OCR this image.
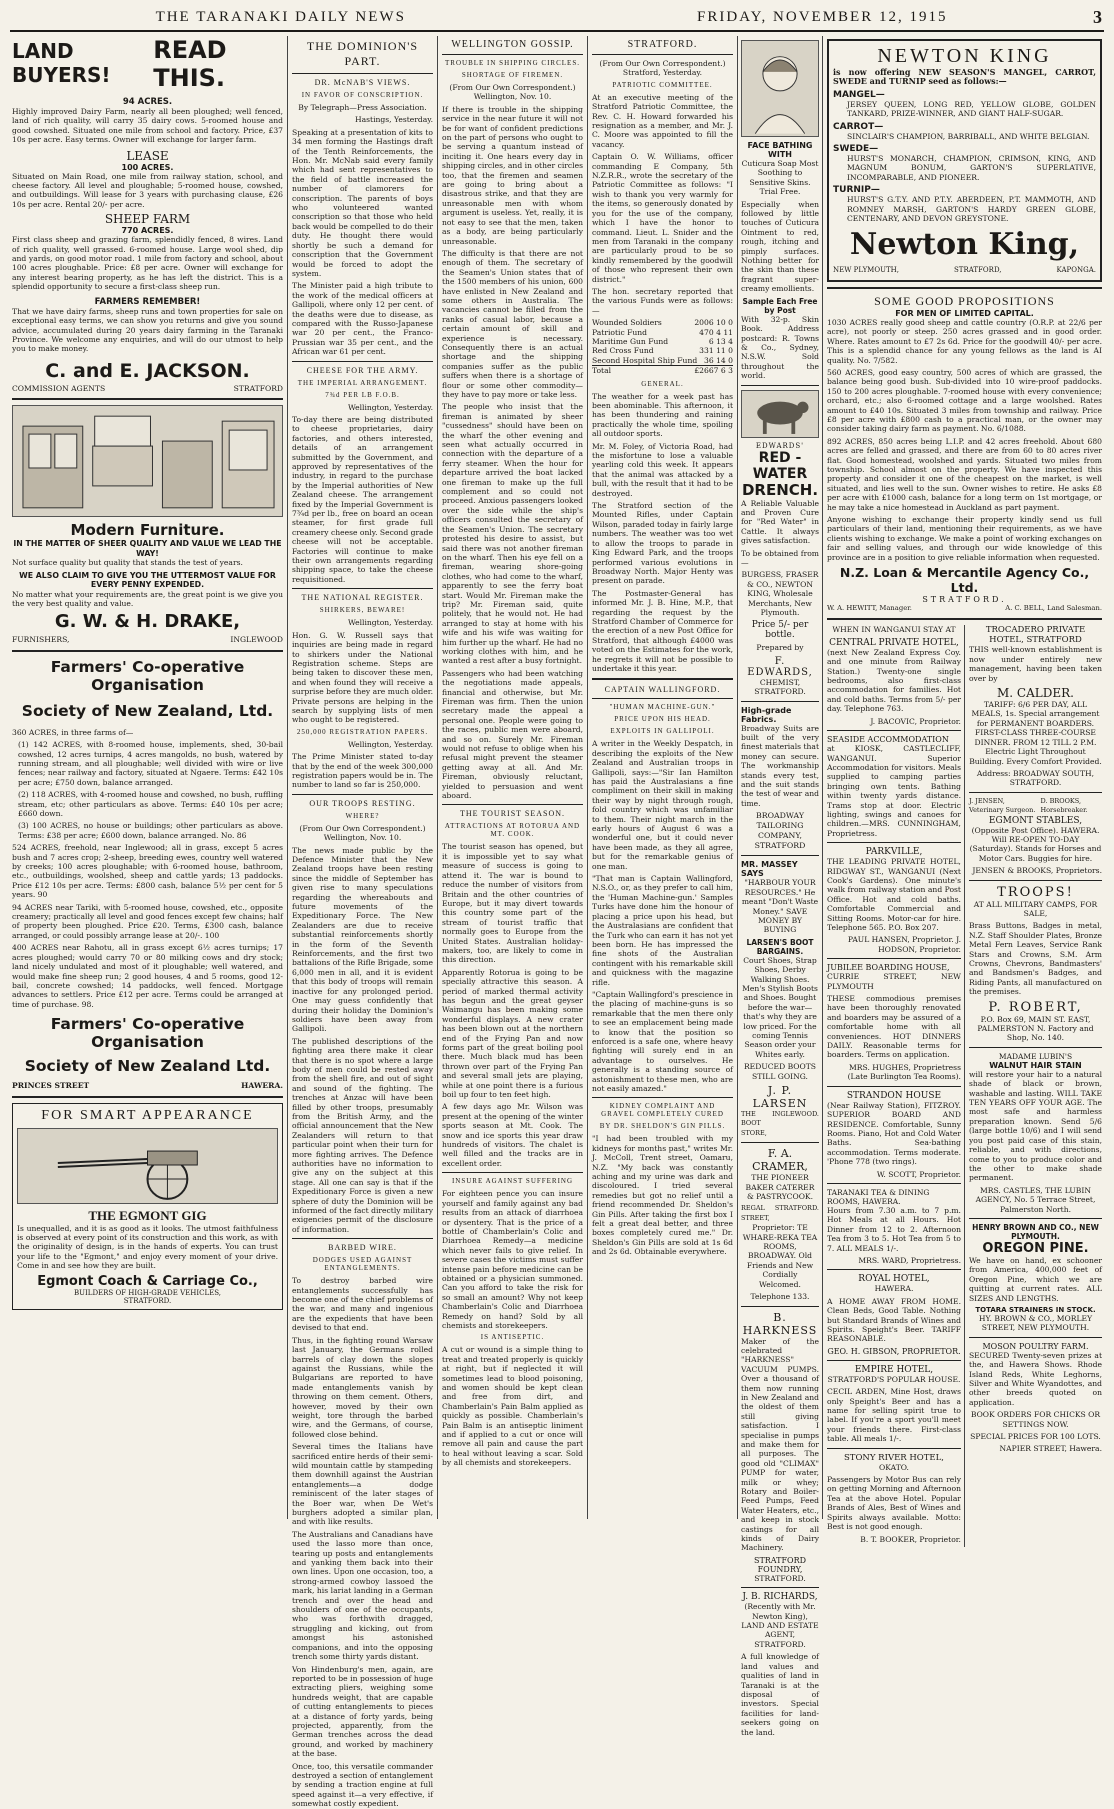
THE TARANAKI DAILY NEWS	FRIDAY, NOVEMBER 12, 1915	3
LAND BUYERS!
READ THIS.
94 ACRES.

Highly improved Dairy Farm, nearly all been ploughed; well fenced, land of rich quality, will carry 35 dairy cows. 5-roomed house and good cowshed. Situated one mile from school and factory. Price, £37 10s per acre. Easy terms. Owner will exchange for larger farm.

LEASE
100 ACRES.

Situated on Main Road, one mile from railway station, school, and cheese factory. All level and ploughable; 5-roomed house, cowshed, and outbuildings. Will lease for 3 years with purchasing clause, £26 10s per acre. Rental 20/- per acre.

SHEEP FARM
770 ACRES.

First class sheep and grazing farm, splendidly fenced, 8 wires. Land of rich quality, well grassed. 6-roomed house. Large wool shed, dip and yards, on good motor road. 1 mile from factory and school, about 100 acres ploughable. Price: £8 per acre. Owner will exchange for any interest bearing property, as he has left the district. This is a splendid opportunity to secure a first-class sheep run.

FARMERS REMEMBER!

That we have dairy farms, sheep runs and town properties for sale on exceptional easy terms, we can show you returns and give you sound advice, accumulated during 20 years dairy farming in the Taranaki Province. We welcome any enquiries, and will do our utmost to help you to make money.

C. and E. JACKSON.
COMMISSION AGENTS	STRATFORD
Modern Furniture.
IN THE MATTER OF SHEER QUALITY AND VALUE WE LEAD THE WAY!

Not surface quality but quality that stands the test of years.

WE ALSO CLAIM TO GIVE YOU THE UTTERMOST VALUE FOR EVERY PENNY EXPENDED.

No matter what your requirements are, the great point is we give you the very best quality and value.

G. W. & H. DRAKE,
FURNISHERS,	INGLEWOOD
Farmers' Co-operative Organisation
Society of New Zealand, Ltd.

360 ACRES, in three farms of—

(1) 142 ACRES, with 8-roomed house, implements, shed, 30-bail cowshed, 12 acres turnips, 4 acres mangolds, no bush, watered by running stream, and all ploughable; well divided with wire or live fences; near railway and factory, situated at Ngaere. Terms: £42 10s per acre; £750 down, balance arranged.

(2) 118 ACRES, with 4-roomed house and cowshed, no bush, ruffling stream, etc; other particulars as above. Terms: £40 10s per acre; £660 down.

(3) 100 ACRES, no house or buildings; other particulars as above. Terms: £38 per acre; £600 down, balance arranged. No. 86

524 ACRES, freehold, near Inglewood; all in grass, except 5 acres bush and 7 acres crop; 2-sheep, breeding ewes, country well watered by creeks; 100 acres ploughable; with 6-roomed house, bathroom, etc., outbuildings, woolshed, sheep and cattle yards; 13 paddocks. Price £12 10s per acre. Terms: £800 cash, balance 5½ per cent for 5 years. 90

94 ACRES near Tariki, with 5-roomed house, cowshed, etc., opposite creamery; practically all level and good fences except few chains; half of property been ploughed. Price £20. Terms, £300 cash, balance arranged, or could possibly arrange lease at 20/-. 100

400 ACRES near Rahotu, all in grass except 6½ acres turnips; 17 acres ploughed; would carry 70 or 80 milking cows and dry stock; land nicely undulated and most of it ploughable; well watered, and would make fine sheep run; 2 good houses, 4 and 5 rooms, good 12-bail, concrete cowshed; 14 paddocks, well fenced. Mortgage advances to settlers. Price £12 per acre. Terms could be arranged at time of purchase. 98.

Farmers' Co-operative Organisation
Society of New Zealand Ltd.
PRINCES STREET	HAWERA.
FOR SMART APPEARANCE
THE EGMONT GIG

Is unequalled, and it is as good as it looks. The utmost faithfulness is observed at every point of its construction and this work, as with the originality of design, is in the hands of experts. You can trust your life to the "Egmont," and enjoy every moment of your drive. Come in and see how they are built.

Egmont Coach & Carriage Co.,
BUILDERS OF HIGH-GRADE VEHICLES,
STRATFORD.
THE DOMINION'S PART.
DR. McNAB'S VIEWS.
IN FAVOR OF CONSCRIPTION.

By Telegraph—Press Association.

Hastings, Yesterday.

Speaking at a presentation of kits to 34 men forming the Hastings draft of the Tenth Reinforcements, the Hon. Mr. McNab said every family which had sent representatives to the field of battle increased the number of clamorers for conscription. The parents of boys who volunteered wanted conscription so that those who held back would be compelled to do their duty. He thought there would shortly be such a demand for conscription that the Government would be forced to adopt the system.

The Minister paid a high tribute to the work of the medical officers at Gallipoli, where only 12 per cent. of the deaths were due to disease, as compared with the Russo-Japanese war 20 per cent., the Franco-Prussian war 35 per cent., and the African war 61 per cent.

CHEESE FOR THE ARMY.
THE IMPERIAL ARRANGEMENT.
7¾d PER LB F.O.B.

Wellington, Yesterday.

To-day there are being distributed to cheese proprietaries, dairy factories, and others interested, details of an arrangement submitted by the Government, and approved by representatives of the industry, in regard to the purchase by the Imperial authorities of New Zealand cheese. The arrangement fixed by the Imperial Government is 7¾d per lb., free on board an ocean steamer, for first grade full creamery cheese only. Second grade cheese will not be acceptable. Factories will continue to make their own arrangements regarding shipping space, to take the cheese requisitioned.

THE NATIONAL REGISTER.
SHIRKERS, BEWARE!

Wellington, Yesterday.

Hon. G. W. Russell says that inquiries are being made in regard to shirkers under the National Registration scheme. Steps are being taken to discover these men, and when found they will receive a surprise before they are much older. Private persons are helping in the search by supplying lists of men who ought to be registered.

250,000 REGISTRATION PAPERS.

Wellington, Yesterday.

The Prime Minister stated to-day that by the end of the week 300,000 registration papers would be in. The number to land so far is 250,000.

OUR TROOPS RESTING.
WHERE?

(From Our Own Correspondent.) Wellington, Nov. 10.

The news made public by the Defence Minister that the New Zealand troops have been resting since the middle of September has given rise to many speculations regarding the whereabouts and future movements of the Expeditionary Force. The New Zealanders are due to receive substantial reinforcements shortly in the form of the Seventh Reinforcements, and the first two battalions of the Rifle Brigade, some 6,000 men in all, and it is evident that this body of troops will remain inactive for any prolonged period. One may guess confidently that during their holiday the Dominion's soldiers have been away from Gallipoli.

The published descriptions of the fighting area there make it clear that there is no spot where a large body of men could be rested away from the shell fire, and out of sight and sound of the fighting. The trenches at Anzac will have been filled by other troops, presumably from the British Army, and the official announcement that the New Zealanders will return to that particular point when their turn for more fighting arrives. The Defence authorities have no information to give any on the subject at this stage. All one can say is that if the Expeditionary Force is given a new sphere of duty the Dominion will be informed of the fact directly military exigencies permit of the disclosure of information.

BARBED WIRE.
DODGES USED AGAINST ENTANGLEMENTS.

To destroy barbed wire entanglements successfully has become one of the chief problems of the war, and many and ingenious are the expedients that have been devised to that end.

Thus, in the fighting round Warsaw last January, the Germans rolled barrels of clay down the slopes against the Russians, while the Bulgarians are reported to have made entanglements vanish by throwing on them cement. Others, however, moved by their own weight, tore through the barbed wire, and the Germans, of course, followed close behind.

Several times the Italians have sacrificed entire herds of their semi-wild mountain cattle by stampeding them downhill against the Austrian entanglements—a dodge reminiscent of the later stages of the Boer war, when De Wet's burghers adopted a similar plan, and with like results.

The Australians and Canadians have used the lasso more than once, tearing up posts and entanglements and yanking them back into their own lines. Upon one occasion, too, a strong-armed cowboy lassoed the mark, his lariat landing in a German trench and over the head and shoulders of one of the occupants, who was forthwith dragged, struggling and kicking, out from amongst his astonished companions, and into the opposing trench some thirty yards distant.

Von Hindenburg's men, again, are reported to be in possession of huge extracting pliers, weighing some hundreds weight, that are capable of cutting entanglements to pieces at a distance of forty yards, being projected, apparently, from the German trenches across the dead ground, and worked by machinery at the base.

Once, too, this versatile commander destroyed a section of entanglement by sending a traction engine at full speed against it—a very effective, if somewhat costly expedient.

WELLINGTON GOSSIP.
TROUBLE IN SHIPPING CIRCLES.
SHORTAGE OF FIREMEN.

(From Our Own Correspondent.) Wellington, Nov. 10.

If there is trouble in the shipping service in the near future it will not be for want of confident predictions on the part of persons who ought to be serving a quantum instead of inciting it. One hears every day in shipping circles, and in other circles too, that the firemen and seamen are going to bring about a disastrous strike, and that they are unreasonable men with whom argument is useless. Yet, really, it is not easy to see that the men, taken as a body, are being particularly unreasonable.

The difficulty is that there are not enough of them. The secretary of the Seamen's Union states that of the 1500 members of his union, 600 have enlisted in New Zealand and some others in Australia. The vacancies cannot be filled from the ranks of casual labor, because a certain amount of skill and experience is necessary. Consequently there is an actual shortage and the shipping companies suffer as the public suffers when there is a shortage of flour or some other commodity—they have to pay more or take less.

The people who insist that the fireman is animated by sheer "cussedness" should have been on the wharf the other evening and seen what actually occurred in connection with the departure of a ferry steamer. When the hour for departure arrived the boat lacked one fireman to make up the full complement and so could not proceed. Anxious passengers looked over the side while the ship's officers consulted the secretary of the Seamen's Union. The secretary protested his desire to assist, but said there was not another fireman on the wharf. Then his eye fell on a fireman, wearing shore-going clothes, who had come to the wharf, apparently to see the ferry boat start. Would Mr. Fireman make the trip? Mr. Fireman said, quite politely, that he would not. He had arranged to stay at home with his wife and his wife was waiting for him further up the wharf. He had no working clothes with him, and he wanted a rest after a busy fortnight.

Passengers who had been watching the negotiations made appeals, financial and otherwise, but Mr. Fireman was firm. Then the union secretary made the appeal a personal one. People were going to the races, public men were aboard, and so on. Surely Mr. Fireman would not refuse to oblige when his refusal might prevent the steamer getting away at all. And Mr. Fireman, obviously reluctant, yielded to persuasion and went aboard.

THE TOURIST SEASON.
ATTRACTIONS AT ROTORUA AND MT. COOK.

The tourist season has opened, but it is impossible yet to say what measure of success is going to attend it. The war is bound to reduce the number of visitors from Britain and the other countries of Europe, but it may divert towards this country some part of the stream of tourist traffic that normally goes to Europe from the United States. Australian holiday-makers, too, are likely to come in this direction.

Apparently Rotorua is going to be specially attractive this season. A period of marked thermal activity has begun and the great geyser Waimangu has been making some wonderful displays. A new crater has been blown out at the northern end of the Frying Pan and now forms part of the great boiling pool there. Much black mud has been thrown over part of the Frying Pan and several small jets are playing, while at one point there is a furious boil up four to ten feet high.

A few days ago Mr. Wilson was present at the opening of the winter sports season at Mt. Cook. The snow and ice sports this year draw hundreds of visitors. The chalet is well filled and the tracks are in excellent order.

INSURE AGAINST SUFFERING

For eighteen pence you can insure yourself and family against any bad results from an attack of diarrhoea or dysentery. That is the price of a bottle of Chamberlain's Colic and Diarrhoea Remedy—a medicine which never fails to give relief. In severe cases the victims must suffer intense pain before medicine can be obtained or a physician summoned. Can you afford to take the risk for so small an amount? Why not keep Chamberlain's Colic and Diarrhoea Remedy on hand? Sold by all chemists and storekeepers.

IS ANTISEPTIC.

A cut or wound is a simple thing to treat and treated properly is quickly at right, but if neglected it will sometimes lead to blood poisoning, and women should be kept clean and free from dirt, and Chamberlain's Pain Balm applied as quickly as possible. Chamberlain's Pain Balm is an antiseptic liniment and if applied to a cut or once will remove all pain and cause the part to heal without leaving a scar. Sold by all chemists and storekeepers.

STRATFORD.

(From Our Own Correspondent.) Stratford, Yesterday.

PATRIOTIC COMMITTEE.

At an executive meeting of the Stratford Patriotic Committee, the Rev. C. H. Howard forwarded his resignation as a member, and Mr. J. C. Moore was appointed to fill the vacancy.

Captain O. W. Williams, officer commanding E Company, 5th N.Z.R.R., wrote the secretary of the Patriotic Committee as follows: "I wish to thank you very warmly for the items, so generously donated by you for the use of the company, which I have the honor to command. Lieut. L. Snider and the men from Taranaki in the company are particularly proud to be so kindly remembered by the goodwill of those who represent their own district."

The hon. secretary reported that the various Funds were as follows:—

Wounded Soldiers	2006 10 0
Patriotic Fund	470 4 11
Maritime Gun Fund	6 13 4
Red Cross Fund	331 11 0
Second Hospital Ship Fund 36 14 0
Total	£2667 6 3
GENERAL.

The weather for a week past has been abominable. This afternoon, it has been thundering and raining practically the whole time, spoiling all outdoor sports.

Mr. M. Foley, of Victoria Road, had the misfortune to lose a valuable yearling cold this week. It appears that the animal was attacked by a bull, with the result that it had to be destroyed.

The Stratford section of the Mounted Rifles, under Captain Wilson, paraded today in fairly large numbers. The weather was too wet to allow the troops to parade in King Edward Park, and the troops performed various evolutions in Broadway North. Major Henty was present on parade.

The Postmaster-General has informed Mr. J. B. Hine, M.P., that regarding the request by the Stratford Chamber of Commerce for the erection of a new Post Office for Stratford, that although £4000 was voted on the Estimates for the work, he regrets it will not be possible to undertake it this year.

CAPTAIN WALLINGFORD.
"HUMAN MACHINE-GUN."
PRICE UPON HIS HEAD.
EXPLOITS IN GALLIPOLI.

A writer in the Weekly Despatch, in describing the exploits of the New Zealand and Australian troops in Gallipoli, says:—"Sir Ian Hamilton has paid the Australasians a fine compliment on their skill in making their way by night through rough, fold country which was unfamiliar to them. Their night march in the early hours of August 6 was a wonderful one, but it could never have been made, as they all agree, but for the remarkable genius of one man.

"That man is Captain Wallingford, N.S.O., or, as they prefer to call him, the 'Human Machine-gun.' Samples Turks have done him the honour of placing a price upon his head, but the Australasians are confident that the Turk who can earn it has not yet been born. He has impressed the fine shots of the Australian contingent with his remarkable skill and quickness with the magazine rifle.

"Captain Wallingford's prescience in the placing of machine-guns is so remarkable that the men there only to see an emplacement being made to know that the position so enforced is a safe one, where heavy fighting will surely end in an advantage to ourselves. He generally is a standing source of astonishment to these men, who are not easily amazed."

KIDNEY COMPLAINT AND GRAVEL COMPLETELY CURED
BY DR. SHELDON'S GIN PILLS.

"I had been troubled with my kidneys for months past," writes Mr. J. McColl, Trent street, Oamaru, N.Z. "My back was constantly aching and my urine was dark and discoloured. I tried several remedies but got no relief until a friend recommended Dr. Sheldon's Gin Pills. After taking the first box I felt a great deal better, and three boxes completely cured me." Dr. Sheldon's Gin Pills are sold at 1s 6d and 2s 6d. Obtainable everywhere.

FACE BATHING WITH

Cuticura Soap Most Soothing to Sensitive Skins. Trial Free.

Especially when followed by little touches of Cuticura Ointment to red, rough, itching and pimply surfaces. Nothing better for the skin than these fragrant super-creamy emollients.

Sample Each Free by Post

With 32-p. Skin Book. Address postcard: R. Towns & Co., Sydney, N.S.W. Sold throughout the world.

EDWARDS'
RED - WATER
DRENCH.

A Reliable Valuable and Proven Cure for "Red Water" in Cattle. It always gives satisfaction.

To be obtained from—

BURGESS, FRASER & CO., NEWTON KING, Wholesale Merchants, New Plymouth.

Price 5/- per bottle.

Prepared by

F. EDWARDS,

CHEMIST, STRATFORD.

High-grade Fabrics.

Broadway Suits are built of the very finest materials that money can secure. The workmanship stands every test, and the suit stands the test of wear and time.

BROADWAY TAILORING COMPANY, STRATFORD
MR. MASSEY SAYS

"HARBOUR YOUR RESOURCES." He meant "Don't Waste Money." SAVE MONEY BY BUYING

LARSEN'S BOOT BARGAINS.

Court Shoes, Strap Shoes, Derby Walking Shoes. Men's Stylish Boots and Shoes. Bought before the war—that's why they are low priced. For the coming Tennis Season order your Whites early.

REDUCED BOOTS STILL GOING.

J. P. LARSEN
THE BOOT STORE,
INGLEWOOD.
F. A. CRAMER,

THE PIONEER BAKER CATERER & PASTRYCOOK.

REGAL STREET,
STRATFORD.

Proprietor: TE WHARE-REKA TEA ROOMS, BROADWAY. Old Friends and New Cordially Welcomed.

Telephone 133.

B. HARKNESS

Maker of the celebrated "HARKNESS" VACUUM PUMPS. Over a thousand of them now running in New Zealand and the oldest of them still giving satisfaction. I specialise in pumps and make them for all purposes. The good old "CLIMAX" PUMP for water, milk or whey; Rotary and Boiler-Feed Pumps, Feed Water Heaters, etc., and keep in stock castings for all kinds of Dairy Machinery.

STRATFORD FOUNDRY,

STRATFORD.

J. B. RICHARDS,

(Recently with Mr. Newton King), LAND AND ESTATE AGENT, STRATFORD.

A full knowledge of land values and qualities of land in Taranaki is at the disposal of investors. Special facilities for land-seekers going on the land.

NEWTON KING

is now offering NEW SEASON'S MANGEL, CARROT, SWEDE and TURNIP seed as follows:—

MANGEL—

JERSEY QUEEN, LONG RED, YELLOW GLOBE, GOLDEN TANKARD, PRIZE-WINNER, AND GIANT HALF-SUGAR.

CARROT—

SINCLAIR'S CHAMPION, BARRIBALL, AND WHITE BELGIAN.

SWEDE—

HURST'S MONARCH, CHAMPION, CRIMSON, KING, AND MAGNUM BONUM, GARTON'S SUPERLATIVE, INCOMPARABLE, AND PIONEER.

TURNIP—

HURST'S G.T.Y. AND P.T.Y. ABERDEEN, P.T. MAMMOTH, AND ROMNEY MARSH, GARTON'S HARDY GREEN GLOBE, CENTENARY, AND DEVON GREYSTONE.

Newton King,
NEW PLYMOUTH,	STRATFORD,	KAPONGA.
SOME GOOD PROPOSITIONS
FOR MEN OF LIMITED CAPITAL.

1030 ACRES really good sheep and cattle country (O.R.P. at 22/6 per acre), not poorly or steep. 250 acres grassed and in good order. Where. Rates amount to £7 2s 6d. Price for the goodwill 40/- per acre. This is a splendid chance for any young fellows as the land is AI quality. No. 7/582.

560 ACRES, good easy country, 500 acres of which are grassed, the balance being good bush. Sub-divided into 10 wire-proof paddocks. 150 to 200 acres ploughable. 7-roomed house with every convenience; orchard, etc.; also 6-roomed cottage and a large woolshed. Rates amount to £40 10s. Situated 3 miles from township and railway. Price £8 per acre with £800 cash to a practical man, or the owner may consider taking dairy farm as payment. No. 6/1088.

892 ACRES, 850 acres being L.I.P. and 42 acres freehold. About 680 acres are felled and grassed, and there are from 60 to 80 acres river flat. Good homestead, woolshed and yards. Situated two miles from township. School almost on the property. We have inspected this property and consider it one of the cheapest on the market, is well situated, and lies well to the sun. Owner wishes to retire. He asks £8 per acre with £1000 cash, balance for a long term on 1st mortgage, or he may take a nice homestead in Auckland as part payment.

Anyone wishing to exchange their property kindly send us full particulars of their land, mentioning their requirements, as we have clients wishing to exchange. We make a point of working exchanges on fair and selling values, and through our wide knowledge of this province are in a position to give reliable information when requested.

N.Z. Loan & Mercantile Agency Co., Ltd.
STRATFORD.
W. A. HEWITT, Manager.	A. C. BELL, Land Salesman.

WHEN IN WANGANUI STAY AT

CENTRAL PRIVATE HOTEL,

(next New Zealand Express Coy. and one minute from Railway Station.) Twenty-one single bedrooms, also first-class accommodation for families. Hot and cold baths. Terms from 5/- per day. Telephone 763.

J. BACOVIC, Proprietor.

SEASIDE ACCOMMODATION

at KIOSK, CASTLECLIFF, WANGANUI. Superior Accommodation for visitors. Meals supplied to camping parties bringing own tents. Bathing within twenty yards distance. Trams stop at door. Electric lighting, swings and canoes for children.—MRS. CUNNINGHAM, Proprietress.

PARKVILLE,

THE LEADING PRIVATE HOTEL, RIDGWAY ST., WANGANUI (Next Cook's Gardens). One minute's walk from railway station and Post Office. Hot and cold baths. Comfortable Commercial and Sitting Rooms. Motor-car for hire. Telephone 565. P.O. Box 207.

PAUL HANSEN, Proprietor. J. HODSON, Proprietor.

JUBILEE BOARDING HOUSE,

CURRIE STREET, NEW PLYMOUTH

THESE commodious premises have been thoroughly renovated and boarders may be assured of a comfortable home with all conveniences. HOT DINNERS DAILY. Reasonable terms for boarders. Terms on application.

MRS. HUGHES, Proprietress (Late Burlington Tea Rooms).

STRANDON HOUSE

(Near Railway Station), FITZROY. SUPERIOR BOARD AND RESIDENCE. Comfortable, Sunny Rooms. Piano, Hot and Cold Water Baths. Sea-bathing accommodation. Terms moderate. 'Phone 778 (two rings).

W. SCOTT, Proprietor.

TARANAKI TEA & DINING ROOMS, HAWERA.

Hours from 7.30 a.m. to 7 p.m. Hot Meals at all Hours. Hot Dinner from 12 to 2. Afternoon Tea from 3 to 5. Hot Tea from 5 to 7. ALL MEALS 1/-.

MRS. WARD, Proprietress.

ROYAL HOTEL,

HAWERA.

A HOME AWAY FROM HOME. Clean Beds, Good Table. Nothing but Standard Brands of Wines and Spirits. Speight's Beer. TARIFF REASONABLE.

GEO. H. GIBSON, PROPRIETOR.
EMPIRE HOTEL,

STRATFORD'S POPULAR HOUSE.

CECIL ARDEN, Mine Host, draws only Speight's Beer and has a name for selling spirit true to label. If you're a sport you'll meet your friends there. First-class table. All meals 1/-.

STONY RIVER HOTEL,

OKATO.

Passengers by Motor Bus can rely on getting Morning and Afternoon Tea at the above Hotel. Popular Brands of Ales, Best of Wines and Spirits always available. Motto: Best is not good enough.

B. T. BOOKER, Proprietor.

TROCADERO PRIVATE HOTEL, STRATFORD

THIS well-known establishment is now under entirely new management, having been taken over by

M. CALDER.

TARIFF: 6/6 PER DAY, ALL MEALS, 1s. Special arrangement for PERMANENT BOARDERS. FIRST-CLASS THREE-COURSE DINNER. FROM 12 TILL 2 P.M. Electric Light Throughout Building. Every Comfort Provided.

Address: BROADWAY SOUTH, STRATFORD.

J. JENSEN, Veterinary Surgeon.
D. BROOKS, Horsebreaker.
EGMONT STABLES,

(Opposite Post Office). HAWERA. Will RE-OPEN TO-DAY (Saturday). Stands for Horses and Motor Cars. Buggies for hire.

JENSEN & BROOKS, Proprietors.

TROOPS!

AT ALL MILITARY CAMPS, FOR SALE,

Brass Buttons, Badges in metal, N.Z. Staff Shoulder Plates, Bronze Metal Fern Leaves, Service Rank Stars and Crowns, S.M. Arm Crowns, Chevrons, Bandmasters' and Bandsmen's Badges, and Riding Pants, all manufactured on the premises.

P. ROBERT,

P.O. Box 69, MAIN ST. EAST, PALMERSTON N. Factory and Shop, No. 140.

MADAME LUBIN'S
WALNUT HAIR STAIN

will restore your hair to a natural shade of black or brown, washable and lasting. WILL TAKE TEN YEARS OFF YOUR AGE. The most safe and harmless preparation known. Send 5/6 (large bottle 10/6) and I will send you post paid case of this stain, reliable, and with directions, come to you to produce color and the other to make shade permanent.

MRS. CASTLES, THE LUBIN AGENCY, No. 5 Terrace Street, Palmerston North.

HENRY BROWN AND CO., NEW PLYMOUTH.
OREGON PINE.

We have on hand, ex schooner from America, 400,000 feet of Oregon Pine, which we are quitting at current rates. ALL SIZES AND LENGTHS.

TOTARA STRAINERS IN STOCK.

HY. BROWN & CO., MORLEY STREET, NEW PLYMOUTH.

MOSON POULTRY FARM.

SECURED Twenty-seven prizes at the, and Hawera Shows. Rhode Island Reds, White Leghorns, Silver and White Wyandottes, and other breeds quoted on application.

BOOK ORDERS FOR CHICKS OR SETTINGS NOW.

SPECIAL PRICES FOR 100 LOTS.

NAPIER STREET, Hawera.
